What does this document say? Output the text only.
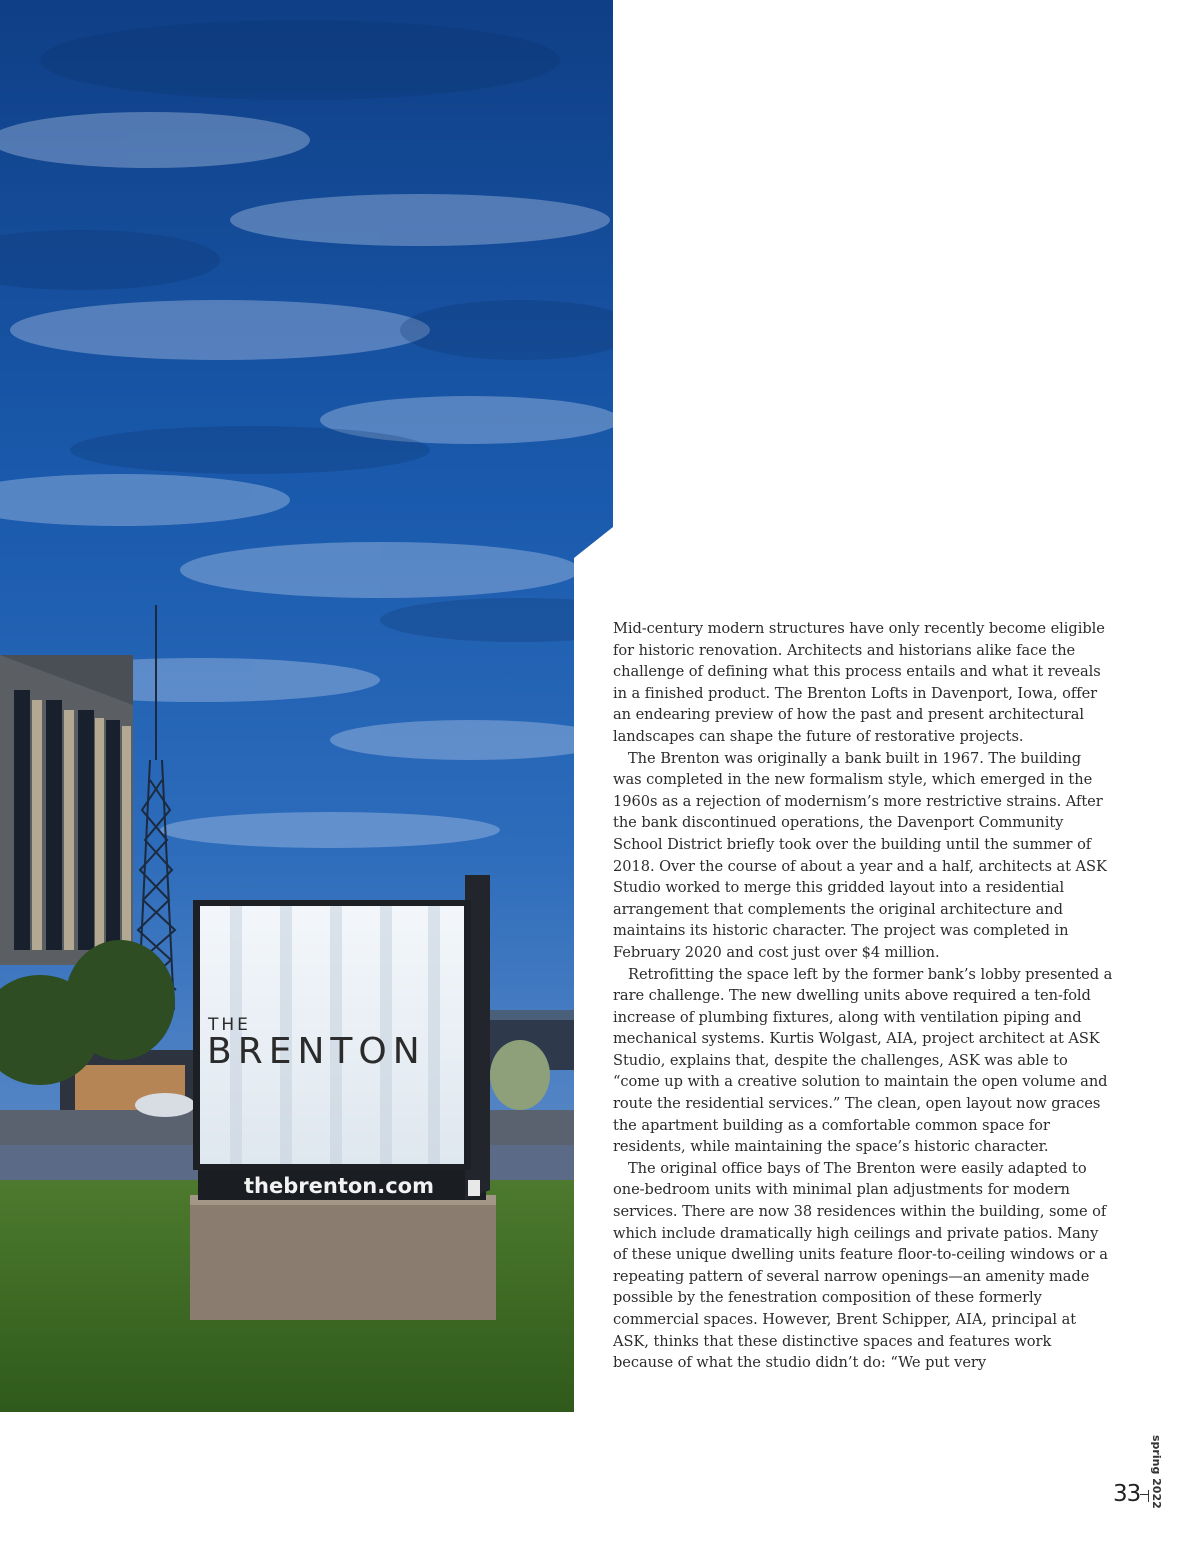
THE
BRENTON
thebrenton.com

Mid-century modern structures have only recently become eligible for historic renovation. Architects and historians alike face the challenge of defining what this process entails and what it reveals in a finished product. The Brenton Lofts in Davenport, Iowa, offer an endearing preview of how the past and present architectural landscapes can shape the future of restorative projects.

The Brenton was originally a bank built in 1967. The building was completed in the new formalism style, which emerged in the 1960s as a rejection of modernism’s more restrictive strains. After the bank discontinued operations, the Davenport Community School District briefly took over the building until the summer of 2018. Over the course of about a year and a half, architects at ASK Studio worked to merge this gridded layout into a residential arrangement that complements the original architecture and maintains its historic character. The project was completed in February 2020 and cost just over $4 million.

Retrofitting the space left by the former bank’s lobby presented a rare challenge. The new dwelling units above required a ten-fold increase of plumbing fixtures, along with ventilation piping and mechanical systems. Kurtis Wolgast, AIA, project architect at ASK Studio, explains that, despite the challenges, ASK was able to “come up with a creative solution to maintain the open volume and route the residential services.” The clean, open layout now graces the apartment building as a comfortable common space for residents, while maintaining the space’s historic character.

The original office bays of The Brenton were easily adapted to one-bedroom units with minimal plan adjustments for modern services. There are now 38 residences within the building, some of which include dramatically high ceilings and private patios. Many of these unique dwelling units feature floor-to-ceiling windows or a repeating pattern of several narrow openings—an amenity made possible by the fenestration composition of these formerly commercial spaces. However, Brent Schipper, AIA, principal at ASK, thinks that these distinctive spaces and features work because of what the studio didn’t do: “We put very

33 spring 2022
